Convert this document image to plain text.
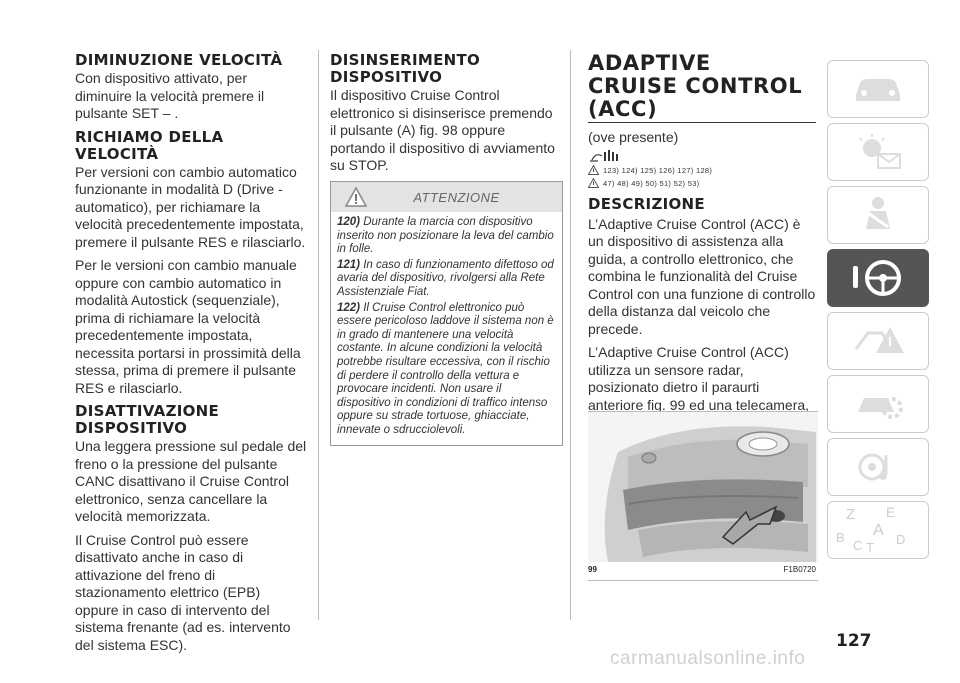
DIMINUZIONE VELOCITÀ

Con dispositivo attivato, per diminuire la velocità premere il pulsante SET – .

RICHIAMO DELLA VELOCITÀ

Per versioni con cambio automatico funzionante in modalità D (Drive - automatico), per richiamare la velocità precedentemente impostata, premere il pulsante RES e rilasciarlo.

Per le versioni con cambio manuale oppure con cambio automatico in modalità Autostick (sequenziale), prima di richiamare la velocità precedentemente impostata, necessita portarsi in prossimità della stessa, prima di premere il pulsante RES e rilasciarlo.

DISATTIVAZIONE DISPOSITIVO

Una leggera pressione sul pedale del freno o la pressione del pulsante CANC disattivano il Cruise Control elettronico, senza cancellare la velocità memorizzata.

Il Cruise Control può essere disattivato anche in caso di attivazione del freno di stazionamento elettrico (EPB) oppure in caso di intervento del sistema frenante (ad es. intervento del sistema ESC).

DISINSERIMENTO DISPOSITIVO

Il dispositivo Cruise Control elettronico si disinserisce premendo il pulsante (A) fig. 98 oppure portando il dispositivo di avviamento su STOP.

ATTENZIONE
120) Durante la marcia con dispositivo inserito non posizionare la leva del cambio in folle.
121) In caso di funzionamento difettoso od avaria del dispositivo, rivolgersi alla Rete Assistenziale Fiat.
122) Il Cruise Control elettronico può essere pericoloso laddove il sistema non è in grado di mantenere una velocità costante. In alcune condizioni la velocità potrebbe risultare eccessiva, con il rischio di perdere il controllo della vettura e provocare incidenti. Non usare il dispositivo in condizioni di traffico intenso oppure su strade tortuose, ghiacciate, innevate o sdrucciolevoli.
ADAPTIVE CRUISE CONTROL (ACC)

(ove presente)

123) 124) 125) 126) 127) 128)
47) 48) 49) 50) 51) 52) 53)
DESCRIZIONE

L’Adaptive Cruise Control (ACC) è un dispositivo di assistenza alla guida, a controllo elettronico, che combina le funzionalità del Cruise Control con una funzione di controllo della distanza dal veicolo che precede.

L’Adaptive Cruise Control (ACC) utilizza un sensore radar, posizionato dietro il paraurti anteriore fig. 99 ed una telecamera,

99	F1B0720
Z E
A
B
C T
D
127
carmanualsonline.info
